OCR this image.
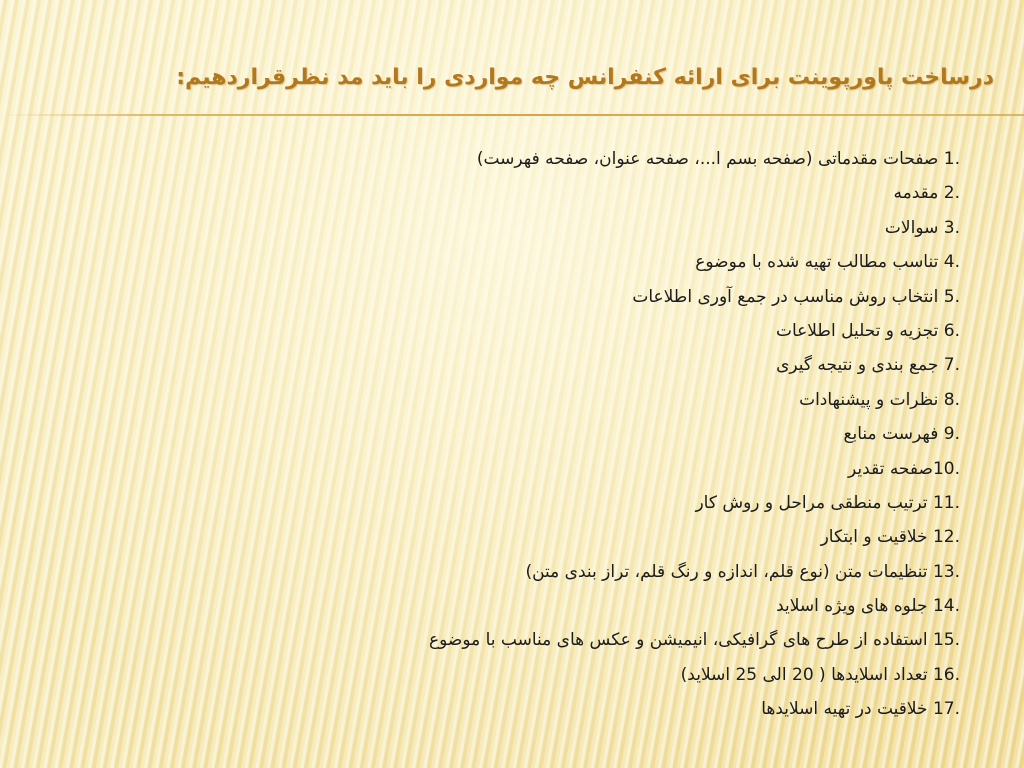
درساخت پاورپوینت برای ارائه کنفرانس چه مواردی را باید مد نظرقراردهیم:
1. صفحات مقدماتی (صفحه بسم ا...، صفحه عنوان، صفحه فهرست)
2. مقدمه
3. سوالات
4. تناسب مطالب تهیه شده با موضوع
5. انتخاب روش مناسب در جمع آوری اطلاعات
6. تجزیه و تحلیل اطلاعات
7. جمع بندی و نتیجه گیری
8. نظرات و پیشنهادات
9. فهرست منابع
10.صفحه تقدیر
11. ترتیب منطقی مراحل و روش کار
12. خلاقیت و ابتکار
13. تنظیمات متن (نوع قلم، اندازه و رنگ قلم، تراز بندی متن)
14. جلوه های ویژه اسلاید
15. استفاده از طرح های گرافیکی، انیمیشن و عکس های مناسب با موضوع
16. تعداد اسلایدها ( 20 الی 25 اسلاید)
17. خلاقیت در تهیه اسلایدها
